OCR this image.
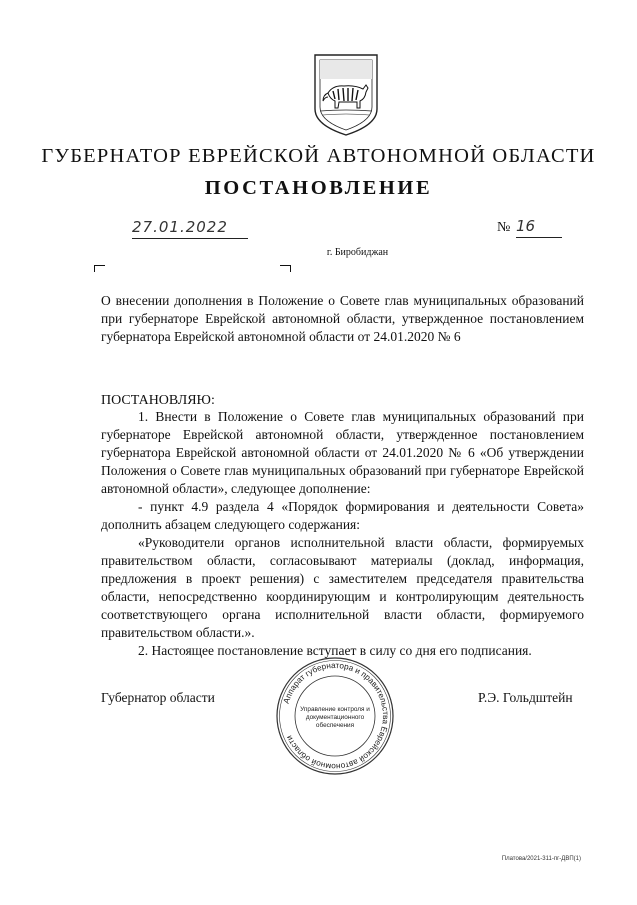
ГУБЕРНАТОР ЕВРЕЙСКОЙ АВТОНОМНОЙ ОБЛАСТИ
ПОСТАНОВЛЕНИЕ
27.01.2022	№ 16
г. Биробиджан
О внесении дополнения в Положение о Совете глав муниципальных образований при губернаторе Еврейской автономной области, утвержденное постановлением губернатора Еврейской автономной области от 24.01.2020 № 6
ПОСТАНОВЛЯЮ:

1. Внести в Положение о Совете глав муниципальных образований при губернаторе Еврейской автономной области, утвержденное постановлением губернатора Еврейской автономной области от 24.01.2020 № 6 «Об утверждении Положения о Совете глав муниципальных образований при губернаторе Еврейской автономной области», следующее дополнение:

- пункт 4.9 раздела 4 «Порядок формирования и деятельности Совета» дополнить абзацем следующего содержания:

«Руководители органов исполнительной власти области, формируемых правительством области, согласовывают материалы (доклад, информация, предложения в проект решения) с заместителем председателя правительства области, непосредственно координирующим и контролирующим деятельность соответствующего органа исполнительной власти области, формируемого правительством области.».

2. Настоящее постановление вступает в силу со дня его подписания.

Губернатор области	Р.Э. Гольдштейн
Аппарат губернатора и правительства Еврейской автономной области
Управление контроля и
документационного
обеспечения
Платова/2021-311-пг-ДВП(1)
